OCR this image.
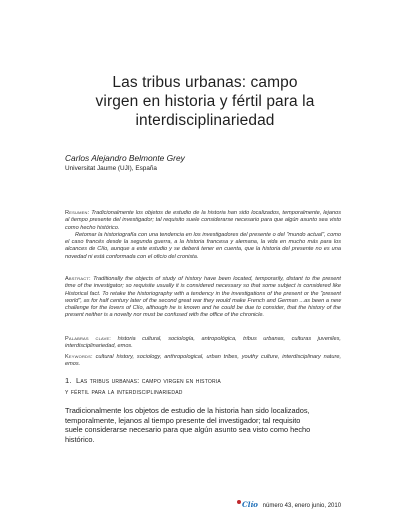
Las tribus urbanas: campo
virgen en historia y fértil para la
interdisciplinariedad
Carlos Alejandro Belmonte Grey
Universitat Jaume (UJI), España

Resumen: Tradicionalmente los objetos de estudio de la historia han sido localizados, temporalmente, lejanos al tiempo presente del investigador; tal requisito suele considerarse necesario para que algún asunto sea visto como hecho histórico.

Retomar la historiografía con una tendencia en los investigadores del presente o del "mundo actual", como el caso francés desde la segunda guerra, a la historia francesa y alemana, la vida en mucho más para los alcances de Clío, aunque a este estudio y se deberá tener en cuenta, que la historia del presente no es una novedad ni está conformada con el oficio del cronista.

Abstract: Traditionally the objects of study of history have been located, temporarily, distant to the present time of the investigator; so requisite usually it is considered necessary so that some subject is considered like Historical fact. To retake the historiography with a tendency in the investigations of the present or the "present world", as for half century later of the second great war they would make French and German ...as been a new challenge for the lovers of Clío, although he is known and he could be due to consider, that the history of the present neither is a novelty nor must be confused with the office of the chronicle.

Palabras clave: historia cultural, sociología, antropológica, tribus urbanas, culturas juveniles, interdisciplinariedad, emos.

Keywords: cultural history, sociology, anthropological, urban tribes, youthy culture, interdisciplinary nature, emos.

1. Las tribus urbanas: campo virgen en historia
y fértil para la interdisciplinariedad
Tradicionalmente los objetos de estudio de la historia han sido localizados,
temporalmente, lejanos al tiempo presente del investigador; tal requisito
suele considerarse necesario para que algún asunto sea visto como hecho
histórico.
Clío número 43, enero junio, 2010
